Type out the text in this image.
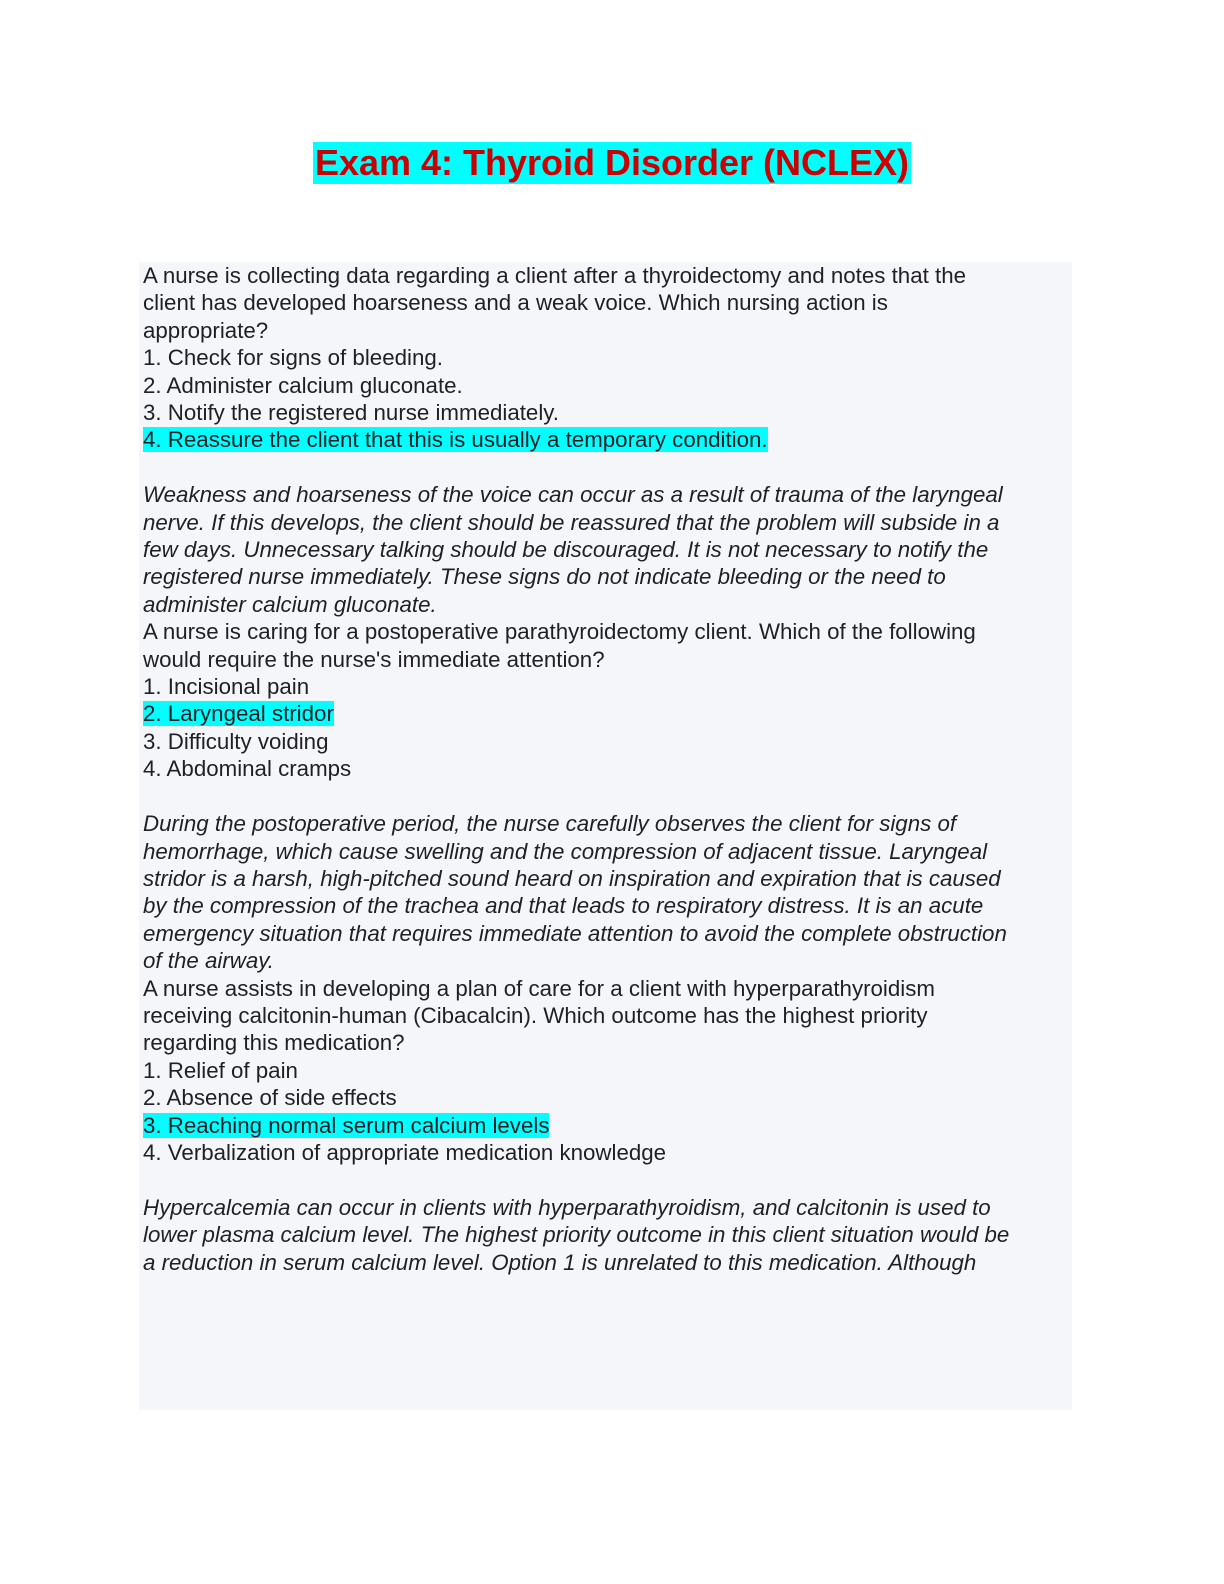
Exam 4: Thyroid Disorder (NCLEX)

A nurse is collecting data regarding a client after a thyroidectomy and notes that the
client has developed hoarseness and a weak voice. Which nursing action is
appropriate?

1. Check for signs of bleeding.

2. Administer calcium gluconate.

3. Notify the registered nurse immediately.

4. Reassure the client that this is usually a temporary condition.

Weakness and hoarseness of the voice can occur as a result of trauma of the laryngeal
nerve. If this develops, the client should be reassured that the problem will subside in a
few days. Unnecessary talking should be discouraged. It is not necessary to notify the
registered nurse immediately. These signs do not indicate bleeding or the need to
administer calcium gluconate.

A nurse is caring for a postoperative parathyroidectomy client. Which of the following
would require the nurse's immediate attention?

1. Incisional pain

2. Laryngeal stridor

3. Difficulty voiding

4. Abdominal cramps

During the postoperative period, the nurse carefully observes the client for signs of
hemorrhage, which cause swelling and the compression of adjacent tissue. Laryngeal
stridor is a harsh, high-pitched sound heard on inspiration and expiration that is caused
by the compression of the trachea and that leads to respiratory distress. It is an acute
emergency situation that requires immediate attention to avoid the complete obstruction
of the airway.

A nurse assists in developing a plan of care for a client with hyperparathyroidism
receiving calcitonin-human (Cibacalcin). Which outcome has the highest priority
regarding this medication?

1. Relief of pain

2. Absence of side effects

3. Reaching normal serum calcium levels

4. Verbalization of appropriate medication knowledge

Hypercalcemia can occur in clients with hyperparathyroidism, and calcitonin is used to
lower plasma calcium level. The highest priority outcome in this client situation would be
a reduction in serum calcium level. Option 1 is unrelated to this medication. Although
